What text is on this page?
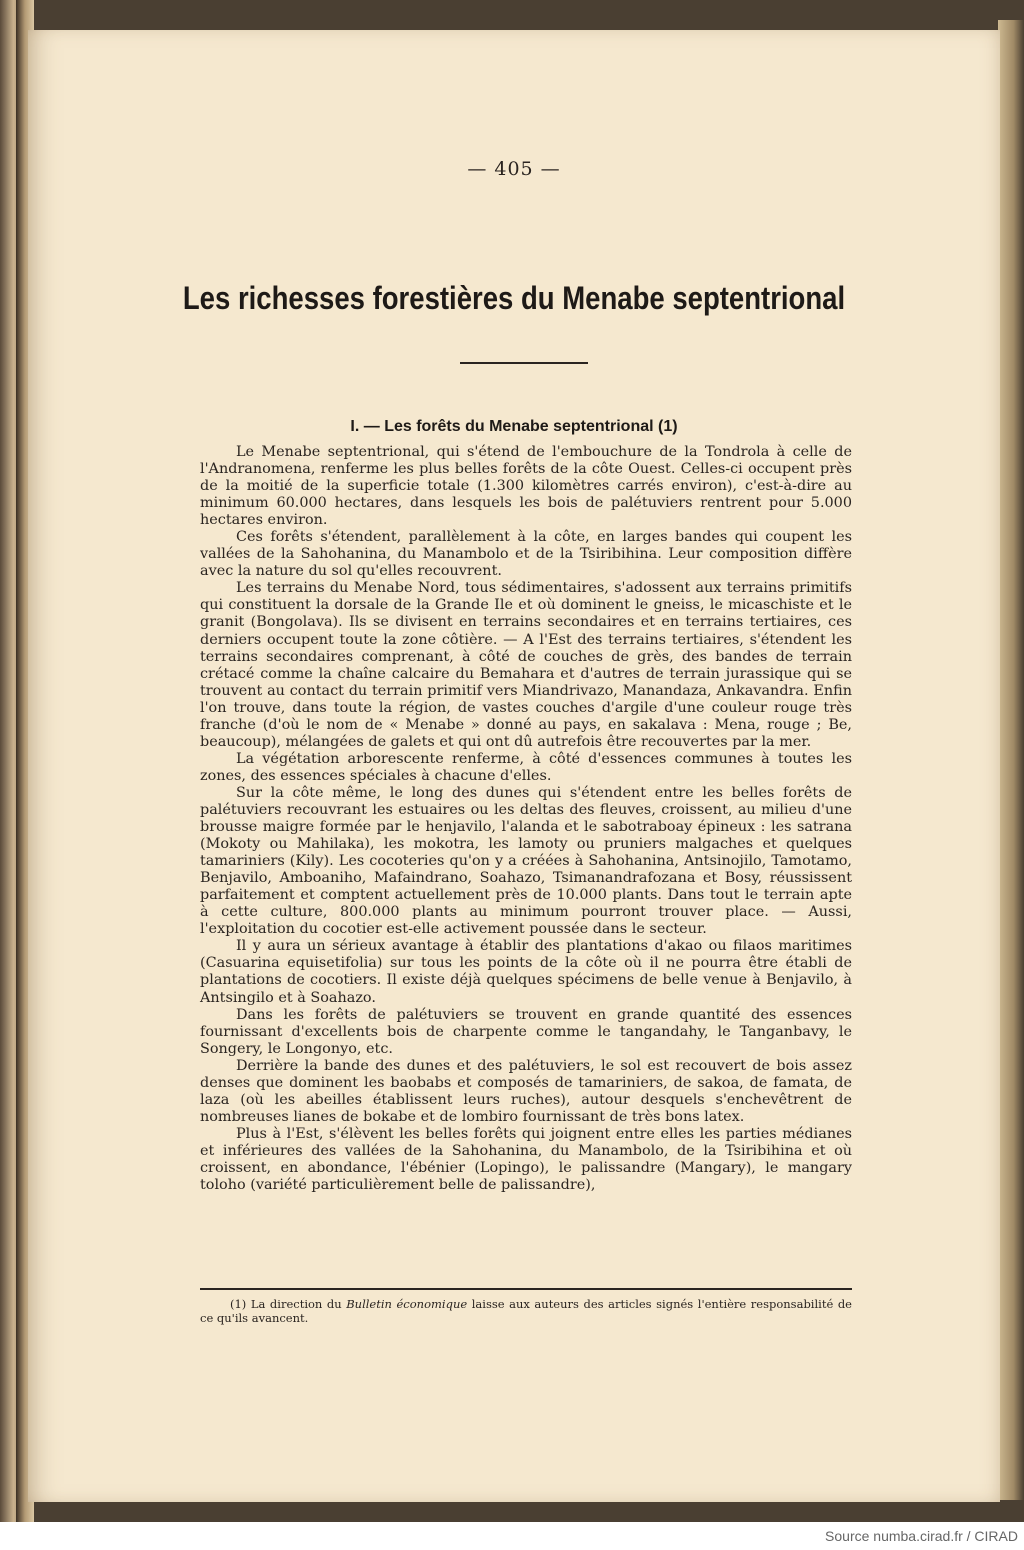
— 405 —
Les richesses forestières du Menabe septentrional
I. — Les forêts du Menabe septentrional (1)

Le Menabe septentrional, qui s'étend de l'embouchure de la Tondrola à celle de l'Andranomena, renferme les plus belles forêts de la côte Ouest. Celles-ci occupent près de la moitié de la superficie totale (1.300 kilomètres carrés environ), c'est-à-dire au minimum 60.000 hectares, dans lesquels les bois de palétuviers rentrent pour 5.000 hectares environ.

Ces forêts s'étendent, parallèlement à la côte, en larges bandes qui coupent les vallées de la Sahohanina, du Manambolo et de la Tsiribihina. Leur composition diffère avec la nature du sol qu'elles recouvrent.

Les terrains du Menabe Nord, tous sédimentaires, s'adossent aux terrains primitifs qui constituent la dorsale de la Grande Ile et où dominent le gneiss, le micaschiste et le granit (Bongolava). Ils se divisent en terrains secondaires et en terrains tertiaires, ces derniers occupent toute la zone côtière. — A l'Est des terrains tertiaires, s'étendent les terrains secondaires comprenant, à côté de couches de grès, des bandes de terrain crétacé comme la chaîne calcaire du Bemahara et d'autres de terrain jurassique qui se trouvent au contact du terrain primitif vers Miandrivazo, Manandaza, Ankavandra. Enfin l'on trouve, dans toute la région, de vastes couches d'argile d'une couleur rouge très franche (d'où le nom de « Menabe » donné au pays, en sakalava : Mena, rouge ; Be, beaucoup), mélangées de galets et qui ont dû autrefois être recouvertes par la mer.

La végétation arborescente renferme, à côté d'essences communes à toutes les zones, des essences spéciales à chacune d'elles.

Sur la côte même, le long des dunes qui s'étendent entre les belles forêts de palétuviers recouvrant les estuaires ou les deltas des fleuves, croissent, au milieu d'une brousse maigre formée par le henjavilo, l'alanda et le sabotraboay épineux : les satrana (Mokoty ou Mahilaka), les mokotra, les lamoty ou pruniers malgaches et quelques tamariniers (Kily). Les cocoteries qu'on y a créées à Sahohanina, Antsinojilo, Tamotamo, Benjavilo, Amboaniho, Mafaindrano, Soahazo, Tsimanandrafozana et Bosy, réussissent parfaitement et comptent actuellement près de 10.000 plants. Dans tout le terrain apte à cette culture, 800.000 plants au minimum pourront trouver place. — Aussi, l'exploitation du cocotier est-elle activement poussée dans le secteur.

Il y aura un sérieux avantage à établir des plantations d'akao ou filaos maritimes (Casuarina equisetifolia) sur tous les points de la côte où il ne pourra être établi de plantations de cocotiers. Il existe déjà quelques spécimens de belle venue à Benjavilo, à Antsingilo et à Soahazo.

Dans les forêts de palétuviers se trouvent en grande quantité des essences fournissant d'excellents bois de charpente comme le tangandahy, le Tanganbavy, le Songery, le Longonyo, etc.

Derrière la bande des dunes et des palétuviers, le sol est recouvert de bois assez denses que dominent les baobabs et composés de tamariniers, de sakoa, de famata, de laza (où les abeilles établissent leurs ruches), autour desquels s'enchevêtrent de nombreuses lianes de bokabe et de lombiro fournissant de très bons latex.

Plus à l'Est, s'élèvent les belles forêts qui joignent entre elles les parties médianes et inférieures des vallées de la Sahohanina, du Manambolo, de la Tsiribihina et où croissent, en abondance, l'ébénier (Lopingo), le palissandre (Mangary), le mangary toloho (variété particulièrement belle de palissandre),

(1) La direction du Bulletin économique laisse aux auteurs des articles signés l'entière responsabilité de ce qu'ils avancent.
Source numba.cirad.fr / CIRAD
